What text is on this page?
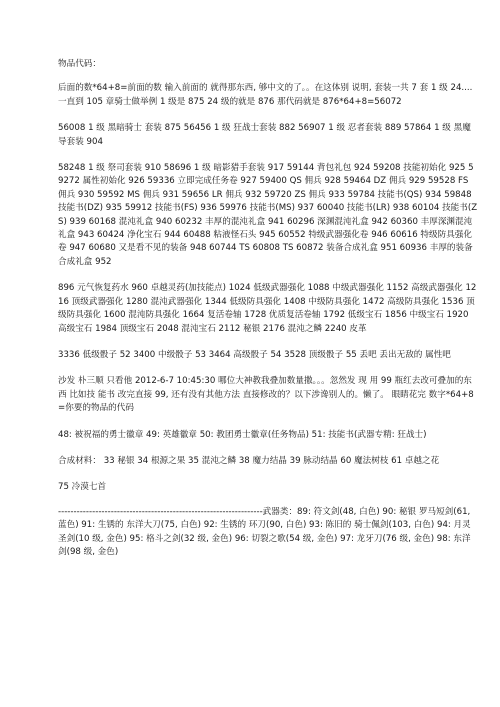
物品代码：

后面的数*64+8=前面的数 输入前面的 就得那东西, 够中文的了。。在这体别 说明, 套装一共 7 套 1 级 24....一直到 105 章骑士做举例 1 级是 875 24 级的就是 876 那代码就是 876*64+8=56072

56008 1 级 黑暗骑士 套装 875 56456 1 级 狂战士套装 882 56907 1 级 忍者套装 889 57864 1 级 黑魔导套装 904

58248 1 级 祭司套装 910 58696 1 级 暗影猎手套装 917 59144 背包礼包 924 59208 技能初始化 925 59272 属性初始化 926 59336 立即完成任务卷 927 59400 QS 佣兵 928 59464 DZ 佣兵 929 59528 FS 佣兵 930 59592 MS 佣兵 931 59656 LR 佣兵 932 59720 ZS 佣兵 933 59784 技能书(QS) 934 59848 技能书(DZ) 935 59912 技能书(FS) 936 59976 技能书(MS) 937 60040 技能书(LR) 938 60104 技能书(ZS) 939 60168 混沌礼盒 940 60232 丰厚的混沌礼盒 941 60296 深渊混沌礼盒 942 60360 丰厚深渊混沌礼盒 943 60424 净化宝石 944 60488 粘液怪石头 945 60552 特级武器强化卷 946 60616 特级防具强化卷 947 60680 又是看不见的装备 948 60744 TS 60808 TS 60872 装备合成礼盒 951 60936 丰厚的装备合成礼盒 952

896 元气恢复药水 960 卓越灵药(加技能点) 1024 低级武器强化 1088 中级武器强化 1152 高级武器强化 1216 顶级武器强化 1280 混沌武器强化 1344 低级防具强化 1408 中级防具强化 1472 高级防具强化 1536 顶级防具强化 1600 混沌防具强化 1664 复活卷轴 1728 优质复活卷轴 1792 低级宝石 1856 中级宝石 1920 高级宝石 1984 顶级宝石 2048 混沌宝石 2112 秘银 2176 混沌之鳞 2240 皮革

3336 低级骰子 52 3400 中级骰子 53 3464 高级骰子 54 3528 顶级骰子 55 丢吧 丢出无敌的 属性吧

沙发 朴三顺 只看他 2012-6-7 10:45:30 哪位大神教我叠加数量撒。。。忽然发 现 用 99 瓶红去改可叠加的东西 比如技 能书 改完直接 99, 还有没有其他方法 直接修改的？以下涉谗别人的。懒了。 眼睛花完 数字*64+8=你要的物品的代码

48: 被祝福的勇士徽章 49: 英雄徽章 50: 教团勇士徽章(任务物品) 51: 技能书(武器专精: 狂战士)

合成材料： 33 秘银 34 根源之果 35 混沌之鳞 38 魔力结晶 39 脉动结晶 60 魔法树枝 61 卓越之花

75 冷漠七首

------------------------------------------------------------------武器类：89: 符文剑(48, 白色) 90: 秘银 罗马短剑(61, 蓝色) 91: 生锈的 东洋大刀(75, 白色) 92: 生锈的 环刀(90, 白色) 93: 陈旧的 骑士佩剑(103, 白色) 94: 月灵圣剑(10 级, 金色) 95: 格斗之剑(32 级, 金色) 96: 切裂之歌(54 级, 金色) 97: 龙牙刀(76 级, 金色) 98: 东洋剑(98 级, 金色)
